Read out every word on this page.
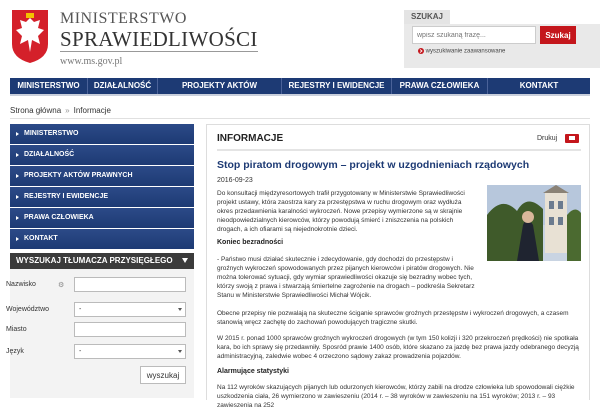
MINISTERSTWO
SPRAWIEDLIWOŚCI
www.ms.gov.pl
SZUKAJ
wpisz szukaną frazę...
Szukaj
wyszukiwanie zaawansowane
MINISTERSTWO	DZIAŁALNOŚĆ	PROJEKTY AKTÓW PRAWNYCH
REJESTRY I EWIDENCJE	PRAWA CZŁOWIEKA	KONTAKT
Strona główna » Informacje
MINISTERSTWO
DZIAŁALNOŚĆ
PROJEKTY AKTÓW PRAWNYCH
REJESTRY I EWIDENCJE
PRAWA CZŁOWIEKA
KONTAKT
WYSZUKAJ TŁUMACZA PRZYSIĘGŁEGO
Nazwisko	⚙
Województwo	-
Miasto
Język	-
wyszukaj
INFORMACJE	Drukuj
Stop piratom drogowym – projekt w uzgodnieniach rządowych
2016-09-23
Do konsultacji międzyresortowych trafił przygotowany w Ministerstwie Sprawiedliwości projekt ustawy, która zaostrza kary za przestępstwa w ruchu drogowym oraz wydłuża okres przedawnienia karalności wykroczeń. Nowe przepisy wymierzone są w skrajnie nieodpowiedzialnych kierowców, którzy powodują śmierć i zniszczenia na polskich drogach, a ich ofiarami są niejednokrotnie dzieci.
Koniec bezradności
- Państwo musi działać skutecznie i zdecydowanie, gdy dochodzi do przestępstw i groźnych wykroczeń spowodowanych przez pijanych kierowców i piratów drogowych. Nie można tolerować sytuacji, gdy wymiar sprawiedliwości okazuje się bezradny wobec tych, którzy swoją z prawa i stwarzają śmiertelne zagrożenie na drogach – podkreśla Sekretarz Stanu w Ministerstwie Sprawiedliwości Michał Wójcik.
Obecne przepisy nie pozwalają na skuteczne ściganie sprawców groźnych przestępstw i wykroczeń drogowych, a czasem stanowią wręcz zachętę do zachowań powodujących tragiczne skutki.
W 2015 r. ponad 1000 sprawców groźnych wykroczeń drogowych (w tym 150 kolizji i 320 przekroczeń prędkości) nie spotkała kara, bo ich sprawy się przedawniły. Sposród prawie 1400 osób, które skazano za jazdę bez prawa jazdy odebranego decyzją administracyjną, zaledwie wobec 4 orzeczono sądowy zakaz prowadzenia pojazdów.
Alarmujące statystyki
Na 112 wyroków skazujących pijanych lub odurzonych kierowców, którzy zabili na drodze człowieka lub spowodowali ciężkie uszkodzenia ciała, 26 wymierzono w zawieszeniu (2014 r. – 38 wyroków w zawieszeniu na 151 wyroków; 2013 r. – 93 zawieszenia na 252
